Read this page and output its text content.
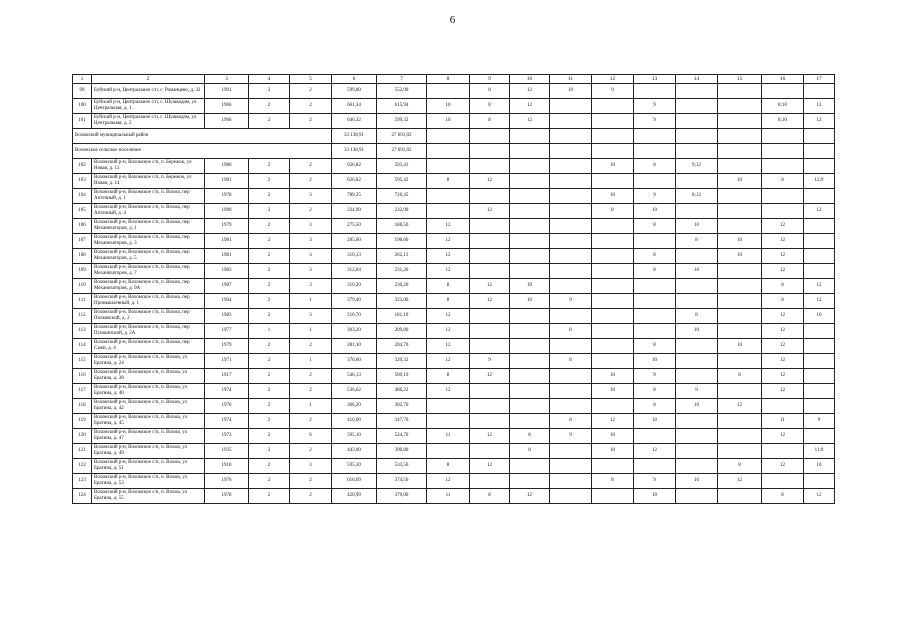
6
1	2	3	4	5	6	7	8	9	10	11	12	13	14	15	16	17
99	Буйский р-н, Центральное с/п, с. Романцево, д. 32	1991	2	2	599,80	552,00		8	12	10	9					
100	Буйский р-н, Центральное с/п, с. Шушкодом, ул Центральная, д. 1	1966	2	2	661,34	615,94	10	8	12			9			8;10	12
101	Буйский р-н, Центральное с/п, с. Шушкодом, ул Центральная, д. 2	1966	2	2	646,32	599,32	10	8	12			9			8;10	12
Вохомский муниципальный район					33 138,91	27 691,02										
Вохомское сельское поселение					33 138,91	27 691,02										
102	Вохомский р-н, Вохомское с/п, п. Бережок, ул Новая, д. 12	1986	2	2	626,82	593,43					10	8	9;12			
103	Вохомский р-н, Вохомское с/п, п. Бережок, ул Новая, д. 14	1981	2	2	626,82	595,42	8	12						10	8	12;9
104	Вохомский р-н, Вохомское с/п, п. Вохма, пер Аптечный, д. 1	1978	2	3	789,25	726,45					10	9	8;12			
105	Вохомский р-н, Вохомское с/п, п. Вохма, пер Аптечный, д. 4	1990	2	2	324,90	232,00		12			8	10				12
106	Вохомский р-н, Вохомское с/п, п. Вохма, пер Механизаторов, д. 1	1979	2	3	275,50	188,50	12					8	10		12	
107	Вохомский р-н, Вохомское с/п, п. Вохма, пер Механизаторов, д. 3	1981	2	3	285,00	196,60	12						8	10	12	
108	Вохомский р-н, Вохомское с/п, п. Вохма, пер Механизаторов, д. 5	1981	2	3	310,13	262,13	12					8		10	12	
109	Вохомский р-н, Вохомское с/п, п. Вохма, пер Механизаторов, д. 7	1983	2	3	312,04	231,20	12					8	10		12	
110	Вохомский р-н, Вохомское с/п, п. Вохма, пер Механизаторов, д. 9А	1987	2	3	310,20	230,20	8	12	10						8	12
111	Вохомский р-н, Вохомское с/п, п. Вохма, пер Промышленный, д. 1	1964	2	1	379,40	323,00	8	12	10	9					8	12
112	Вохомский р-н, Вохомское с/п, п. Вохма, пер Полковский, д. 2	1983	2	3	210,70	181,10	12						8		12	10
113	Вохомский р-н, Вохомское с/п, п. Вохма, пер Пушкинский, д. 2А	1977	1	1	303,20	209,80	12			8			10		12	
114	Вохомский р-н, Вохомское с/п, п. Вохма, пер Сажи, д. 4	1979	2	2	281,10	204,70	12					8		10	12	
115	Вохомский р-н, Вохомское с/п, п. Вохма, ул Брагина, д. 24	1971	2	1	376,60	320,32	12	9		8		10			12	
116	Вохомский р-н, Вохомское с/п, п. Вохма, ул Брагина, д. 38	1917	2	2	546,13	509,19	8	12			10	9		8	12	
117	Вохомский р-н, Вохомское с/п, п. Вохма, ул Брагина, д. 40	1974	2	2	536,62	486,22	12				10	8	9		12	
118	Вохомский р-н, Вохомское с/п, п. Вохма, ул Брагина, д. 42	1970	2	1	366,20	302,70						8	10	12		
119	Вохомский р-н, Вохомское с/п, п. Вохма, ул Брагина, д. 45	1974	2	2	410,00	347,70				8	12	10			11	9
120	Вохомский р-н, Вохомское с/п, п. Вохма, ул Брагина, д. 47	1973	2	6	595,10	524,70	11	12	8	9	10				12	
121	Вохомский р-н, Вохомское с/п, п. Вохма, ул Брагина, д. 49	1935	2	2	443,60	390,80			8		10	12				11;9
122	Вохомский р-н, Вохомское с/п, п. Вохма, ул Брагина, д. 51	1918	2	3	595,10	533,50	8	12						8	12	10
123	Вохомский р-н, Вохомское с/п, п. Вохма, ул Брагина, д. 53	1976	2	2	616,09	374,50	12				8	9	10	12		
124	Вохомский р-н, Вохомское с/п, п. Вохма, ул Брагина, д. 55	1978	2	2	420,99	379,00	11	8	12			10			8	12
